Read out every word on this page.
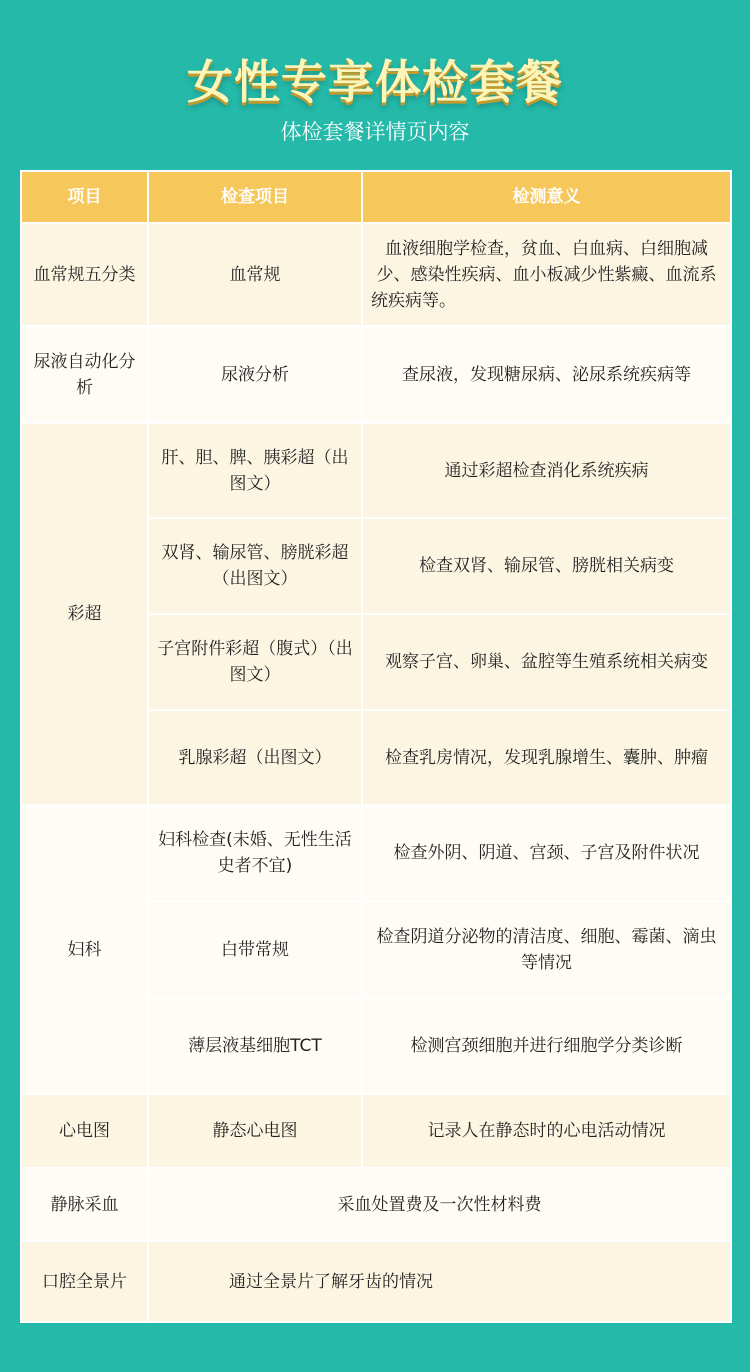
女性专享体检套餐
体检套餐详情页内容
项目	检查项目	检测意义
血常规五分类	血常规	血液细胞学检查，贫血、白血病、白细胞减少、感染性疾病、血小板减少性紫癜、血流系统疾病等。
尿液自动化分析	尿液分析	查尿液，发现糖尿病、泌尿系统疾病等
彩超	肝、胆、脾、胰彩超（出图文）	通过彩超检查消化系统疾病
	双肾、输尿管、膀胱彩超（出图文）	检查双肾、输尿管、膀胱相关病变
	子宫附件彩超（腹式）（出图文）	观察子宫、卵巢、盆腔等生殖系统相关病变
	乳腺彩超（出图文）	检查乳房情况，发现乳腺增生、囊肿、肿瘤
妇科	妇科检查(未婚、无性生活史者不宜)	检查外阴、阴道、宫颈、子宫及附件状况
	白带常规	检查阴道分泌物的清洁度、细胞、霉菌、滴虫等情况
	薄层液基细胞TCT	检测宫颈细胞并进行细胞学分类诊断
心电图	静态心电图	记录人在静态时的心电活动情况
静脉采血	采血处置费及一次性材料费	
口腔全景片	通过全景片了解牙齿的情况	
